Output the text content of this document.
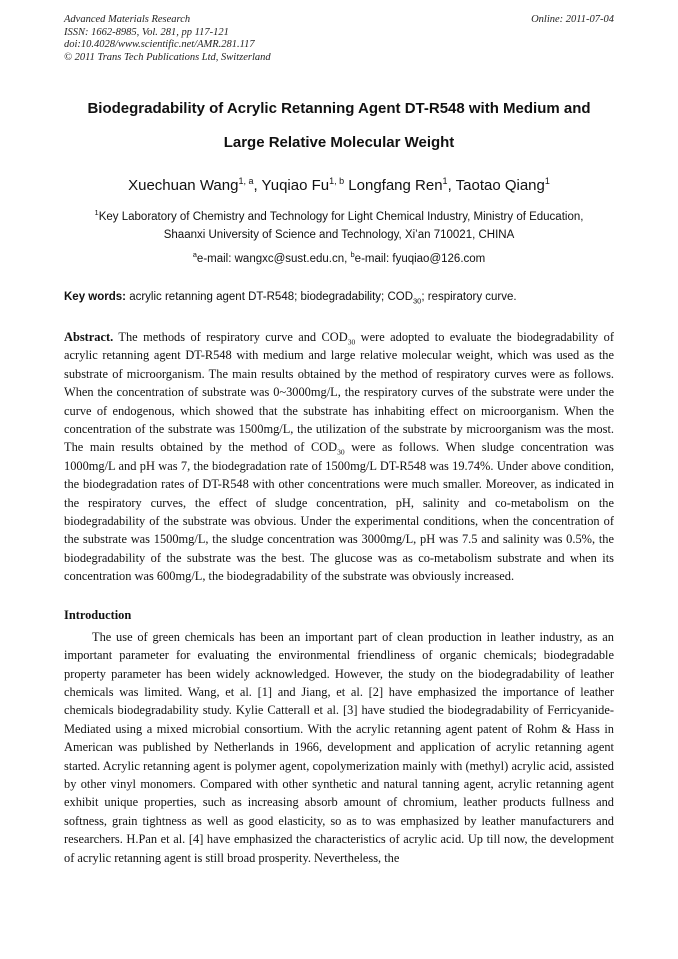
Advanced Materials Research
ISSN: 1662-8985, Vol. 281, pp 117-121
doi:10.4028/www.scientific.net/AMR.281.117
© 2011 Trans Tech Publications Ltd, Switzerland
Online: 2011-07-04
Biodegradability of Acrylic Retanning Agent DT-R548 with Medium and
Large Relative Molecular Weight
Xuechuan Wang$^{1, a}$, Yuqiao Fu$^{1, b}$ Longfang Ren$^1$, Taotao Qiang$^1$
$^1$Key Laboratory of Chemistry and Technology for Light Chemical Industry, Ministry of Education,
Shaanxi University of Science and Technology, Xi’an 710021, CHINA
$^a$e-mail: wangxc@sust.edu.cn, $^b$e-mail: fyuqiao@126.com
Key words: acrylic retanning agent DT-R548; biodegradability; $COD_{30}$; respiratory curve.
Abstract. The methods of respiratory curve and $COD_{30}$ were adopted to evaluate the biodegradability of acrylic retanning agent DT-R548 with medium and large relative molecular weight, which was used as the substrate of microorganism. The main results obtained by the method of respiratory curves were as follows. When the concentration of substrate was 0~3000mg/L, the respiratory curves of the substrate were under the curve of endogenous, which showed that the substrate has inhabiting effect on microorganism. When the concentration of the substrate was 1500mg/L, the utilization of the substrate by microorganism was the most. The main results obtained by the method of $COD_{30}$ were as follows. When sludge concentration was 1000mg/L and pH was 7, the biodegradation rate of 1500mg/L DT-R548 was 19.74%. Under above condition, the biodegradation rates of DT-R548 with other concentrations were much smaller. Moreover, as indicated in the respiratory curves, the effect of sludge concentration, pH, salinity and co-metabolism on the biodegradability of the substrate was obvious. Under the experimental conditions, when the concentration of the substrate was 1500mg/L, the sludge concentration was 3000mg/L, pH was 7.5 and salinity was 0.5%, the biodegradability of the substrate was the best. The glucose was as co-metabolism substrate and when its concentration was 600mg/L, the biodegradability of the substrate was obviously increased.
Introduction
The use of green chemicals has been an important part of clean production in leather industry, as an important parameter for evaluating the environmental friendliness of organic chemicals; biodegradable property parameter has been widely acknowledged. However, the study on the biodegradability of leather chemicals was limited. Wang, et al. [1] and Jiang, et al. [2] have emphasized the importance of leather chemicals biodegradability study. Kylie Catterall et al. [3] have studied the biodegradability of Ferricyanide-Mediated using a mixed microbial consortium. With the acrylic retanning agent patent of Rohm & Hass in American was published by Netherlands in 1966, development and application of acrylic retanning agent started. Acrylic retanning agent is polymer agent, copolymerization mainly with (methyl) acrylic acid, assisted by other vinyl monomers. Compared with other synthetic and natural tanning agent, acrylic retanning agent exhibit unique properties, such as increasing absorb amount of chromium, leather products fullness and softness, grain tightness as well as good elasticity, so as to was emphasized by leather manufacturers and researchers. H.Pan et al. [4] have emphasized the characteristics of acrylic acid. Up till now, the development of acrylic retanning agent is still broad prosperity. Nevertheless, the
